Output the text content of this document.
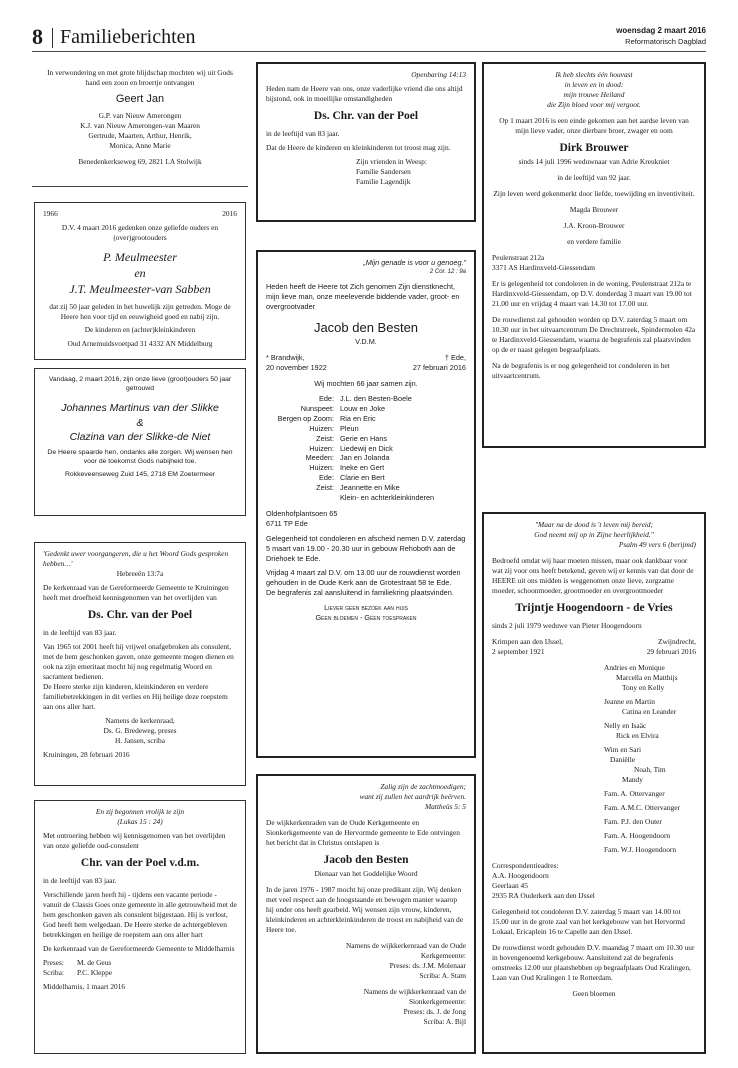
8 Familieberichten	woensdag 2 maart 2016
Reformatorisch Dagblad

In verwondering en met grote blijdschap mochten wij uit Gods hand een zoon en broertje ontvangen

Geert Jan

G.P. van Nieuw Amerongen

K.J. van Nieuw Amerongen-van Maaren

Gertrude, Maarten, Arthur, Henrik,

Monica, Anne Marie

Benedenkerkseweg 69, 2821 LA Stolwijk

1966	2016

D.V. 4 maart 2016 gedenken onze geliefde ouders en (over)grootouders

P. Meulmeester

en

J.T. Meulmeester-van Sabben

dat zij 50 jaar geleden in het huwelijk zijn getreden. Moge de Heere hen voor tijd en eeuwigheid goed en nabij zijn.

De kinderen en (achter)kleinkinderen

Oud Arnemuidsvoetpad 31 4332 AN Middelburg

Vandaag, 2 maart 2016, zijn onze lieve (groot)ouders 50 jaar getrouwd

Johannes Martinus van der Slikke

&

Clazina van der Slikke-de Niet

De Heere spaarde hen, ondanks alle zorgen. Wij wensen hen voor de toekomst Gods nabijheid toe.

Rokkeveenseweg Zuid 145, 2718 EM Zoetermeer

'Gedenkt uwer voorgangeren, die u het Woord Gods gesproken hebben…'

Hebreeën 13:7a

De kerkenraad van de Gereformeerde Gemeente te Kruiningen heeft met droefheid kennisgenomen van het overlijden van

Ds. Chr. van der Poel

in de leeftijd van 83 jaar.

Van 1965 tot 2001 heeft hij vrijwel onafgebroken als consulent, met de hem geschonken gaven, onze gemeente mogen dienen en ook na zijn emeritaat mocht hij nog regelmatig Woord en sacrament bedienen.

De Heere sterke zijn kinderen, kleinkinderen en verdere familiebetrekkingen in dit verlies en Hij heilige deze roepstem aan ons aller hart.

Namens de kerkenraad,

Ds. G. Bredeweg, preses

H. Jansen, scriba

Kruiningen, 28 februari 2016

En zij begonnen vrolijk te zijn

(Lukas 15 : 24)

Met ontroering hebben wij kennisgenomen van het overlijden van onze geliefde oud-consulent

Chr. van der Poel v.d.m.

in de leeftijd van 83 jaar.

Verschillende jaren heeft hij - tijdens een vacante periode - vanuit de Classis Goes onze gemeente in alle getrouwheid met de hem geschonken gaven als consulent bijgestaan. Hij is verlost, God heeft hem welgedaan. De Heere sterke de achtergebleven betrekkingen en heilige de roepstem aan ons aller hart

De kerkenraad van de Gereformeerde Gemeente te Middelharnis

Preses:	M. de Geus
Scriba:	P.C. Kleppe

Middelharnis, 1 maart 2016

Openbaring 14:13

Heden nam de Heere van ons, onze vaderlijke vriend die ons altijd bijstond, ook in moeilijke omstandigheden

Ds. Chr. van der Poel

in de leeftijd van 83 jaar.

Dat de Heere de kinderen en kleinkinderen tot troost mag zijn.

Zijn vrienden in Weesp:

Familie Sandersen

Familie Lagendijk

„Mijn genade is voor u genoeg.”

2 Cor. 12 : 9a

Heden heeft de Heere tot Zich genomen Zijn dienstknecht, mijn lieve man, onze meelevende biddende vader, groot- en overgrootvader

Jacob den Besten

V.D.M.

* Brandwijk,	† Ede,
20 november 1922	27 februari 2016

Wij mochten 66 jaar samen zijn.

Ede: J.L. den Besten-Boele
Nunspeet: Louw en Joke
Bergen op Zoom: Ria en Eric
Huizen: Pleun
Zeist: Gerie en Hans
Huizen: Liedewij en Dick
Meeden: Jan en Jolanda
Huizen: Ineke en Gert
Ede: Clarie en Bert
Zeist: Jeannette en Mike
Klein- en achterkleinkinderen

Oldenhofplantsoen 65

6711 TP Ede

Gelegenheid tot condoleren en afscheid nemen D.V. zaterdag 5 maart van 19.00 - 20.30 uur in gebouw Rehoboth aan de Driehoek te Ede.

Vrijdag 4 maart zal D.V. om 13.00 uur de rouwdienst worden gehouden in de Oude Kerk aan de Grotestraat 58 te Ede.

De begrafenis zal aansluitend in familiekring plaatsvinden.

Liever geen bezoek aan huis

Geen bloemen - Geen toespraken

Zalig zijn de zachtmoedigen;

want zij zullen het aardrijk beërven.

Mattheüs 5: 5

De wijkkerkenraden van de Oude Kerkgemeente en Sionkerkgemeente van de Hervormde gemeente te Ede ontvingen het bericht dat in Christus ontslapen is

Jacob den Besten

Dienaar van het Goddelijke Woord

In de jaren 1976 - 1987 mocht hij onze predikant zijn. Wij denken met veel respect aan de hoogstaande en bewogen manier waarop hij onder ons heeft gearbeid. Wij wensen zijn vrouw, kinderen, kleinkinderen en achterkleinkinderen de troost en nabijheid van de Heere toe.

Namens de wijkkerkenraad van de Oude

Kerkgemeente:

Preses: ds. J.M. Molenaar

Scriba: A. Stam

Namens de wijkkerkenraad van de

Sionkerkgemeente:

Preses: ds. J. de Jong

Scriba: A. Bijl

Ik heb slechts één houvast

in leven en in dood:

mijn trouwe Heiland

die Zijn bloed voor mij vergoot.

Op 1 maart 2016 is een einde gekomen aan het aardse leven van mijn lieve vader, onze dierbare broer, zwager en oom

Dirk Brouwer

sinds 14 juli 1996 weduwnaar van Adrie Kreukniet

in de leeftijd van 92 jaar.

Zijn leven werd gekenmerkt door liefde, toewijding en inventiviteit.

Magda Brouwer

J.A. Kroon-Brouwer

en verdere familie

Peulenstraat 212a

3371 AS Hardinxveld-Giessendam

Er is gelegenheid tot condoleren in de woning, Peulenstraat 212a te Hardinxveld-Giessendam, op D.V. donderdag 3 maart van 19.00 tot 21.00 uur en vrijdag 4 maart van 14.30 tot 17.00 uur.

De rouwdienst zal gehouden worden op D.V. zaterdag 5 maart om 10.30 uur in het uitvaartcentrum De Drechtstreek, Spindermolen 42a te Hardinxveld-Giessendam, waarna de begrafenis zal plaatsvinden op de er naast gelegen begraafplaats.

Na de begrafenis is er nog gelegenheid tot condoleren in het uitvaartcentrum.

"Maar na de dood is 't leven mij bereid;

God neemt mij op in Zijne heerlijkheid."

Psalm 49 vers 6 (berijmd)

Bedroefd omdat wij haar moeten missen, maar ook dankbaar voor wat zij voor ons heeft betekend, geven wij er kennis van dat door de HEERE uit ons midden is weggenomen onze lieve, zorgzame moeder, schoonmoeder, grootmoeder en overgrootmoeder

Trijntje Hoogendoorn - de Vries

sinds 2 juli 1979 weduwe van Pieter Hoogendoorn

Krimpen aan den IJssel,	Zwijndrecht,
2 september 1921	29 februari 2016

Andries en Monique

Marcella en Matthijs

Tony en Kelly

Jeanne en Martin

Catina en Leander

Nelly en Isaäc

Rick en Elvira

Wim en Sari

Daniëlle

Noah, Tim

Mandy

Fam. A. Ottervanger

Fam. A.M.C. Ottervanger

Fam. P.J. den Outer

Fam. A. Hoogendoorn

Fam. W.J. Hoogendoorn

Correspondentieadres:

A.A. Hoogendoorn

Geerlaan 45

2935 RA Ouderkerk aan den IJssel

Gelegenheid tot condoleren D.V. zaterdag 5 maart van 14.00 tot 15.00 uur in de grote zaal van het kerkgebouw van het Hervormd Lokaal, Ericaplein 16 te Capelle aan den IJssel.

De rouwdienst wordt gehouden D.V. maandag 7 maart om 10.30 uur in bovengenoemd kerkgebouw. Aansluitend zal de begrafenis omstreeks 12.00 uur plaatshebben op begraafplaats Oud Kralingen, Laan van Oud Kralingen 1 te Rotterdam.

Geen bloemen
